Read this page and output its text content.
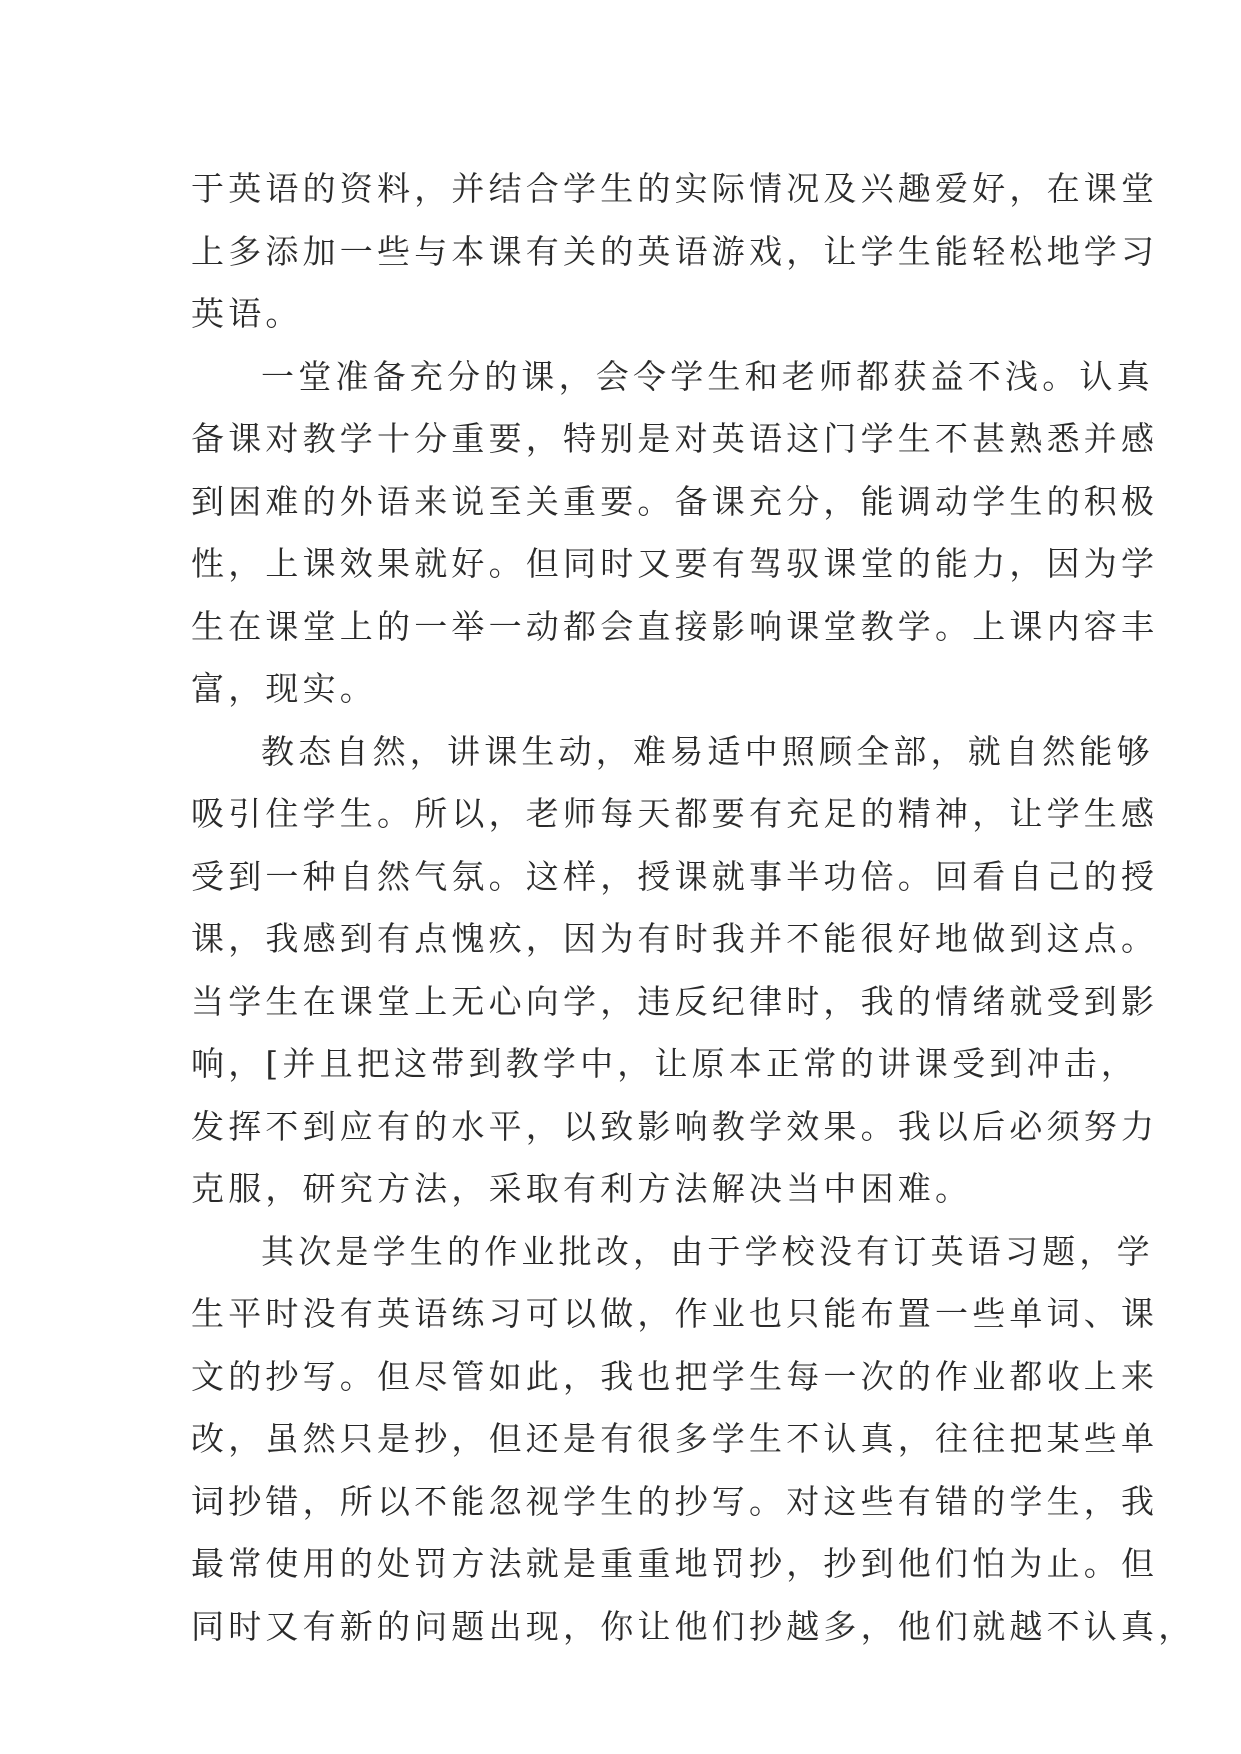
于英语的资料，并结合学生的实际情况及兴趣爱好，在课堂
上多添加一些与本课有关的英语游戏，让学生能轻松地学习
英语。
一堂准备充分的课，会令学生和老师都获益不浅。认真
备课对教学十分重要，特别是对英语这门学生不甚熟悉并感
到困难的外语来说至关重要。备课充分，能调动学生的积极
性，上课效果就好。但同时又要有驾驭课堂的能力，因为学
生在课堂上的一举一动都会直接影响课堂教学。上课内容丰
富，现实。
教态自然，讲课生动，难易适中照顾全部，就自然能够
吸引住学生。所以，老师每天都要有充足的精神，让学生感
受到一种自然气氛。这样，授课就事半功倍。回看自己的授
课，我感到有点愧疚，因为有时我并不能很好地做到这点。
当学生在课堂上无心向学，违反纪律时，我的情绪就受到影
响，[并且把这带到教学中，让原本正常的讲课受到冲击，
发挥不到应有的水平，以致影响教学效果。我以后必须努力
克服，研究方法，采取有利方法解决当中困难。
其次是学生的作业批改，由于学校没有订英语习题，学
生平时没有英语练习可以做，作业也只能布置一些单词、课
文的抄写。但尽管如此，我也把学生每一次的作业都收上来
改，虽然只是抄，但还是有很多学生不认真，往往把某些单
词抄错，所以不能忽视学生的抄写。对这些有错的学生，我
最常使用的处罚方法就是重重地罚抄，抄到他们怕为止。但
同时又有新的问题出现，你让他们抄越多，他们就越不认真，
